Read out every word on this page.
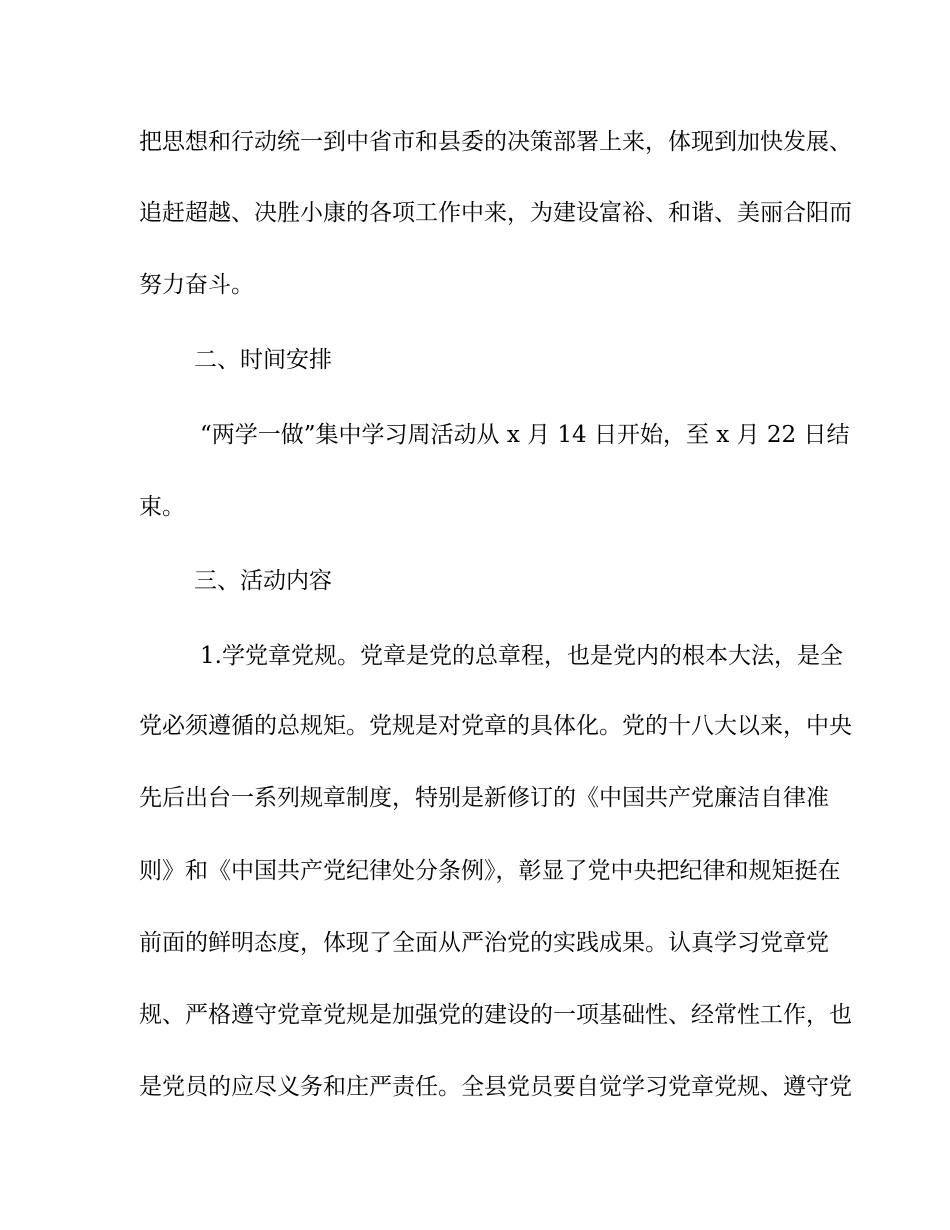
把思想和行动统一到中省市和县委的决策部署上来，体现到加快发展、
追赶超越、决胜小康的各项工作中来，为建设富裕、和谐、美丽合阳而
努力奋斗。
二、时间安排
“两学一做”集中学习周活动从 x 月 14 日开始，至 x 月 22 日结
束。
三、活动内容
1.学党章党规。党章是党的总章程，也是党内的根本大法，是全
党必须遵循的总规矩。党规是对党章的具体化。党的十八大以来，中央
先后出台一系列规章制度，特别是新修订的《中国共产党廉洁自律准
则》和《中国共产党纪律处分条例》，彰显了党中央把纪律和规矩挺在
前面的鲜明态度，体现了全面从严治党的实践成果。认真学习党章党
规、严格遵守党章党规是加强党的建设的一项基础性、经常性工作，也
是党员的应尽义务和庄严责任。全县党员要自觉学习党章党规、遵守党
